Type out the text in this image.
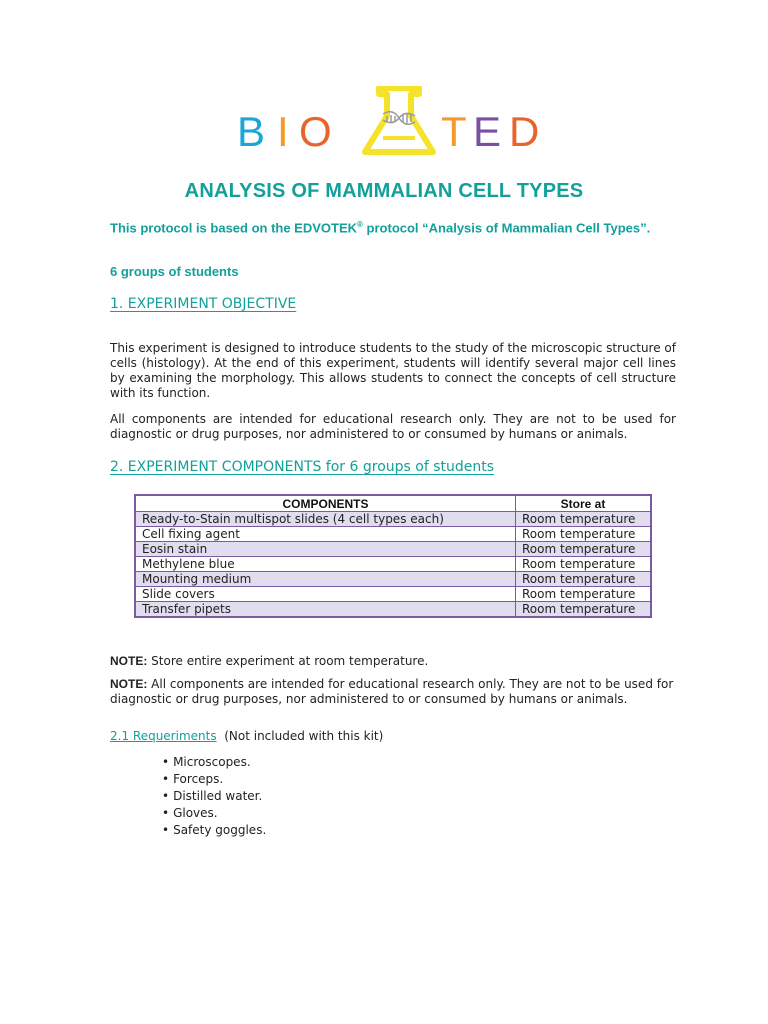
B I O	T E D
ANALYSIS OF MAMMALIAN CELL TYPES
This protocol is based on the EDVOTEK® protocol “Analysis of Mammalian Cell Types”.
6 groups of students
1. EXPERIMENT OBJECTIVE
This experiment is designed to introduce students to the study of the microscopic structure of cells (histology). At the end of this experiment, students will identify several major cell lines by examining the morphology. This allows students to connect the concepts of cell structure with its function.
All components are intended for educational research only. They are not to be used for diagnostic or drug purposes, nor administered to or consumed by humans or animals.
2. EXPERIMENT COMPONENTS for 6 groups of students
COMPONENTS	Store at
Ready-to-Stain multispot slides (4 cell types each)	Room temperature
Cell fixing agent	Room temperature
Eosin stain	Room temperature
Methylene blue	Room temperature
Mounting medium	Room temperature
Slide covers	Room temperature
Transfer pipets	Room temperature
NOTE: Store entire experiment at room temperature.
NOTE: All components are intended for educational research only. They are not to be used for diagnostic or drug purposes, nor administered to or consumed by humans or animals.
2.1 Requeriments  (Not included with this kit)
• Microscopes.
• Forceps.
• Distilled water.
• Gloves.
• Safety goggles.
